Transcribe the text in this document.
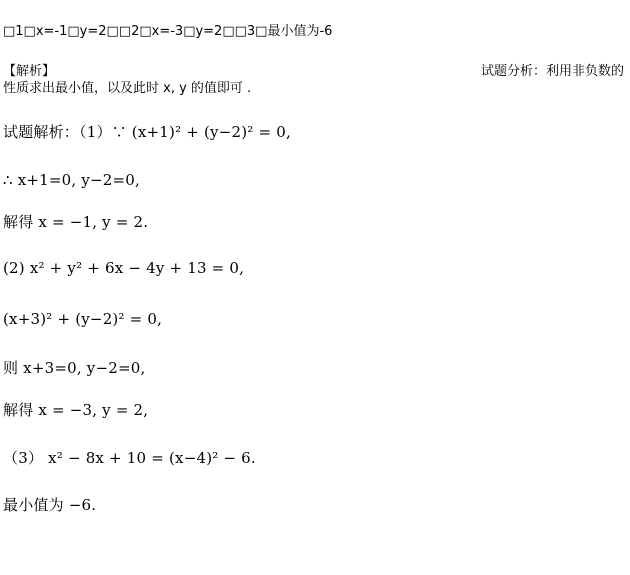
□1□x=-1□y=2□□2□x=-3□y=2□□3□最小值为-6
【解析】	试题分析：利用非负数的
性质求出最小值，以及此时 x, y 的值即可 .
试题解析：（1）∵ (x+1)² + (y−2)² = 0,
∴ x+1=0, y−2=0,
解得 x = −1, y = 2.
(2) x² + y² + 6x − 4y + 13 = 0,
(x+3)² + (y−2)² = 0,
则 x+3=0, y−2=0,
解得 x = −3, y = 2,
（3） x² − 8x + 10 = (x−4)² − 6.
最小值为 −6.
